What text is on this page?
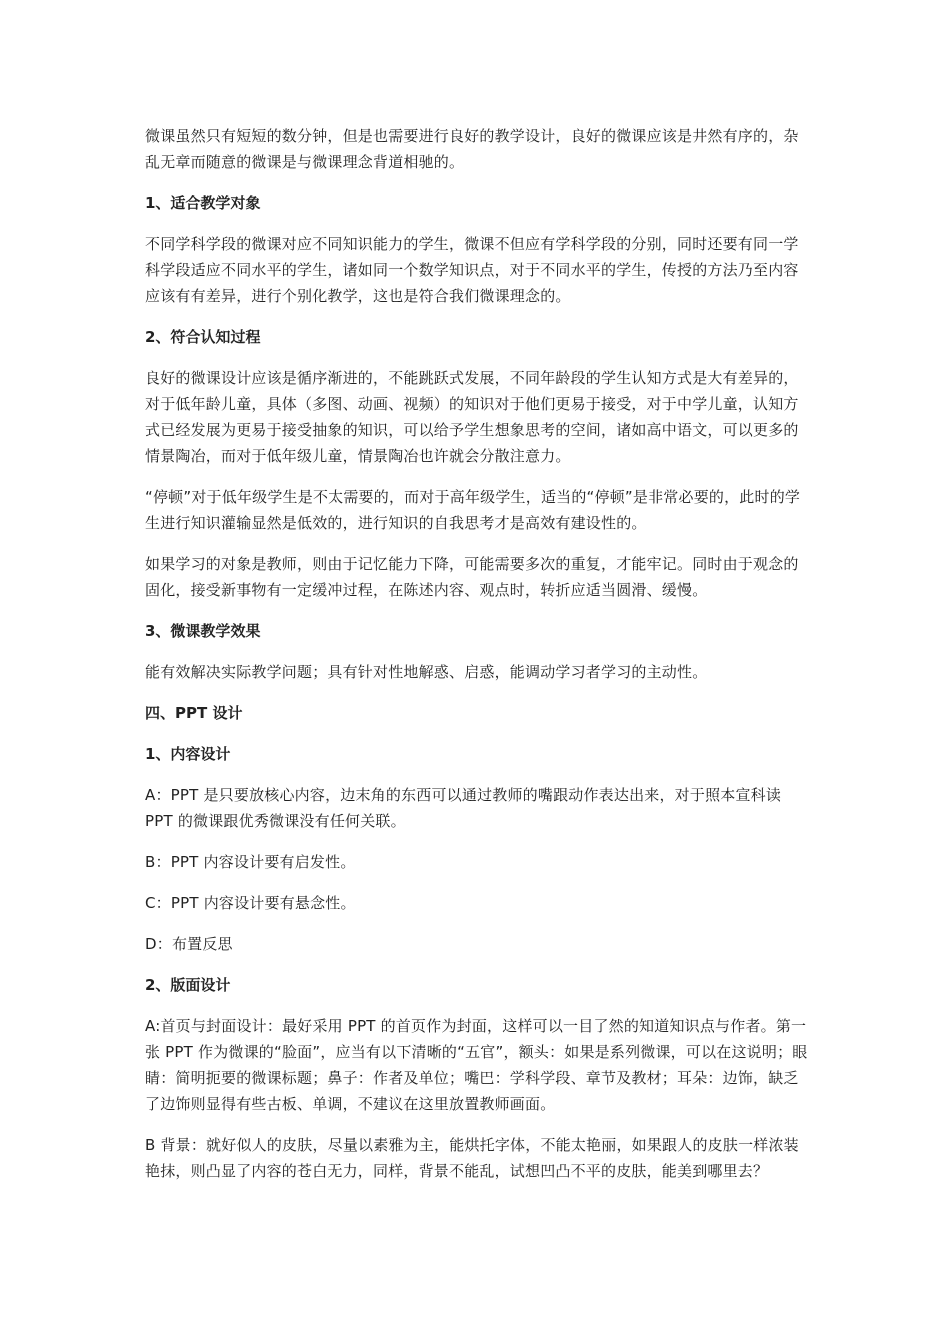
微课虽然只有短短的数分钟，但是也需要进行良好的教学设计，良好的微课应该是井然有序的，杂乱无章而随意的微课是与微课理念背道相驰的。

1、适合教学对象

不同学科学段的微课对应不同知识能力的学生，微课不但应有学科学段的分别，同时还要有同一学科学段适应不同水平的学生，诸如同一个数学知识点，对于不同水平的学生，传授的方法乃至内容应该有有差异，进行个别化教学，这也是符合我们微课理念的。

2、符合认知过程

良好的微课设计应该是循序渐进的，不能跳跃式发展，不同年龄段的学生认知方式是大有差异的，对于低年龄儿童，具体（多图、动画、视频）的知识对于他们更易于接受，对于中学儿童，认知方式已经发展为更易于接受抽象的知识，可以给予学生想象思考的空间，诸如高中语文，可以更多的情景陶冶，而对于低年级儿童，情景陶冶也许就会分散注意力。

“停顿”对于低年级学生是不太需要的，而对于高年级学生，适当的“停顿”是非常必要的，此时的学生进行知识灌输显然是低效的，进行知识的自我思考才是高效有建设性的。

如果学习的对象是教师，则由于记忆能力下降，可能需要多次的重复，才能牢记。同时由于观念的固化，接受新事物有一定缓冲过程，在陈述内容、观点时，转折应适当圆滑、缓慢。

3、微课教学效果

能有效解决实际教学问题；具有针对性地解惑、启惑，能调动学习者学习的主动性。

四、PPT 设计

1、内容设计

A：PPT 是只要放核心内容，边末角的东西可以通过教师的嘴跟动作表达出来，对于照本宣科读 PPT 的微课跟优秀微课没有任何关联。

B：PPT 内容设计要有启发性。

C：PPT 内容设计要有悬念性。

D：布置反思

2、版面设计

A:首页与封面设计：最好采用 PPT 的首页作为封面，这样可以一目了然的知道知识点与作者。第一张 PPT 作为微课的“脸面”，应当有以下清晰的“五官”，额头：如果是系列微课，可以在这说明；眼睛：简明扼要的微课标题；鼻子：作者及单位；嘴巴：学科学段、章节及教材；耳朵：边饰，缺乏了边饰则显得有些古板、单调，不建议在这里放置教师画面。

B 背景：就好似人的皮肤，尽量以素雅为主，能烘托字体，不能太艳丽，如果跟人的皮肤一样浓装艳抹，则凸显了内容的苍白无力，同样，背景不能乱，试想凹凸不平的皮肤，能美到哪里去？
